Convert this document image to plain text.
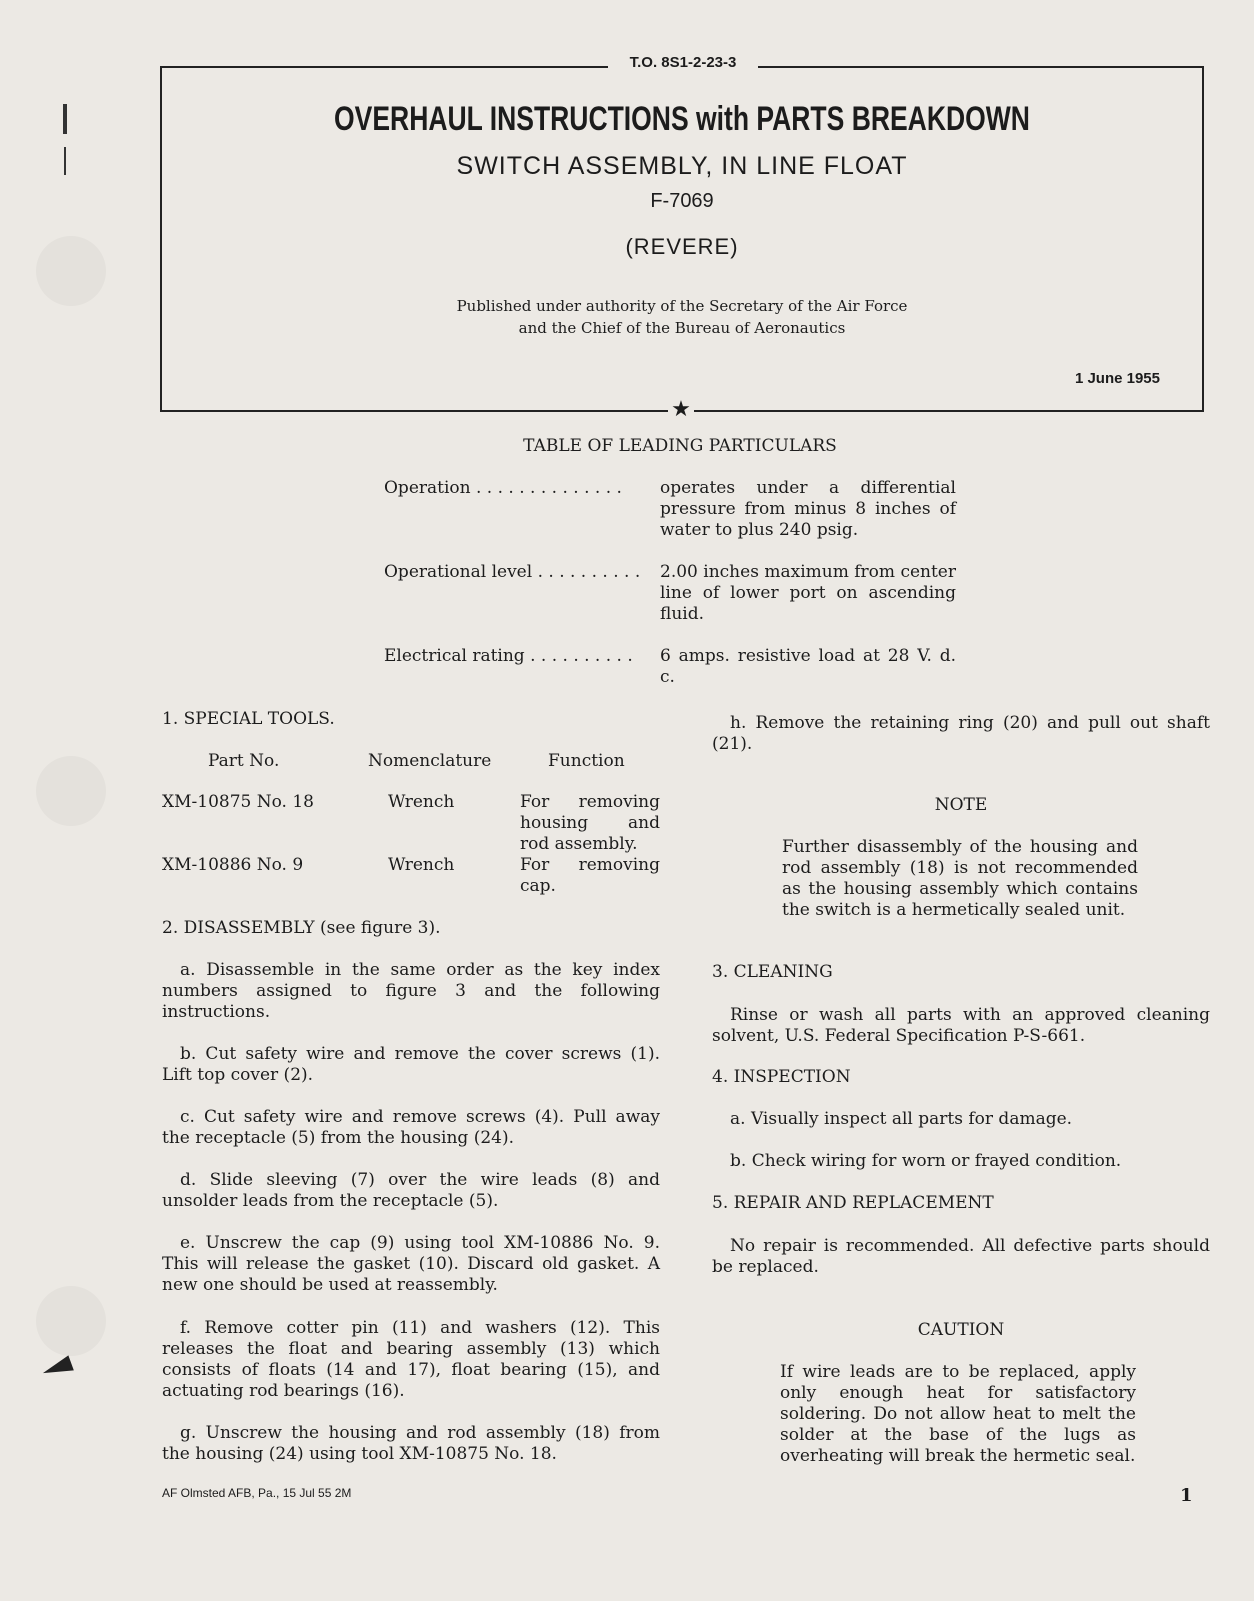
T.O. 8S1-2-23-3
OVERHAUL INSTRUCTIONS with PARTS BREAKDOWN
SWITCH ASSEMBLY, IN LINE FLOAT
F-7069
(REVERE)
Published under authority of the Secretary of the Air Force
and the Chief of the Bureau of Aeronautics
1 June 1955
★
TABLE OF LEADING PARTICULARS
Operation . . . . . . . . . . . . . .	operates under a differential pressure from minus 8 inches of water to plus 240 psig.
Operational level . . . . . . . . . .	2.00 inches maximum from center line of lower port on ascending fluid.
Electrical rating . . . . . . . . . .	6 amps. resistive load at 28 V. d. c.
1. SPECIAL TOOLS.
Part No.	Nomenclature	Function
XM-10875 No. 18	Wrench	For removing housing and rod assembly.
XM-10886 No. 9	Wrench	For removing cap.
2. DISASSEMBLY (see figure 3).
a. Disassemble in the same order as the key index numbers assigned to figure 3 and the following instructions.
b. Cut safety wire and remove the cover screws (1). Lift top cover (2).
c. Cut safety wire and remove screws (4). Pull away the receptacle (5) from the housing (24).
d. Slide sleeving (7) over the wire leads (8) and unsolder leads from the receptacle (5).
e. Unscrew the cap (9) using tool XM-10886 No. 9. This will release the gasket (10). Discard old gasket. A new one should be used at reassembly.
f. Remove cotter pin (11) and washers (12). This releases the float and bearing assembly (13) which consists of floats (14 and 17), float bearing (15), and actuating rod bearings (16).
g. Unscrew the housing and rod assembly (18) from the housing (24) using tool XM-10875 No. 18.
h. Remove the retaining ring (20) and pull out shaft (21).
NOTE
Further disassembly of the housing and rod assembly (18) is not recommended as the housing assembly which contains the switch is a hermetically sealed unit.
3. CLEANING
Rinse or wash all parts with an approved cleaning solvent, U.S. Federal Specification P-S-661.
4. INSPECTION
a. Visually inspect all parts for damage.
b. Check wiring for worn or frayed condition.
5. REPAIR AND REPLACEMENT
No repair is recommended. All defective parts should be replaced.
CAUTION
If wire leads are to be replaced, apply only enough heat for satisfactory soldering. Do not allow heat to melt the solder at the base of the lugs as overheating will break the hermetic seal.
AF Olmsted AFB, Pa., 15 Jul 55 2M	1
